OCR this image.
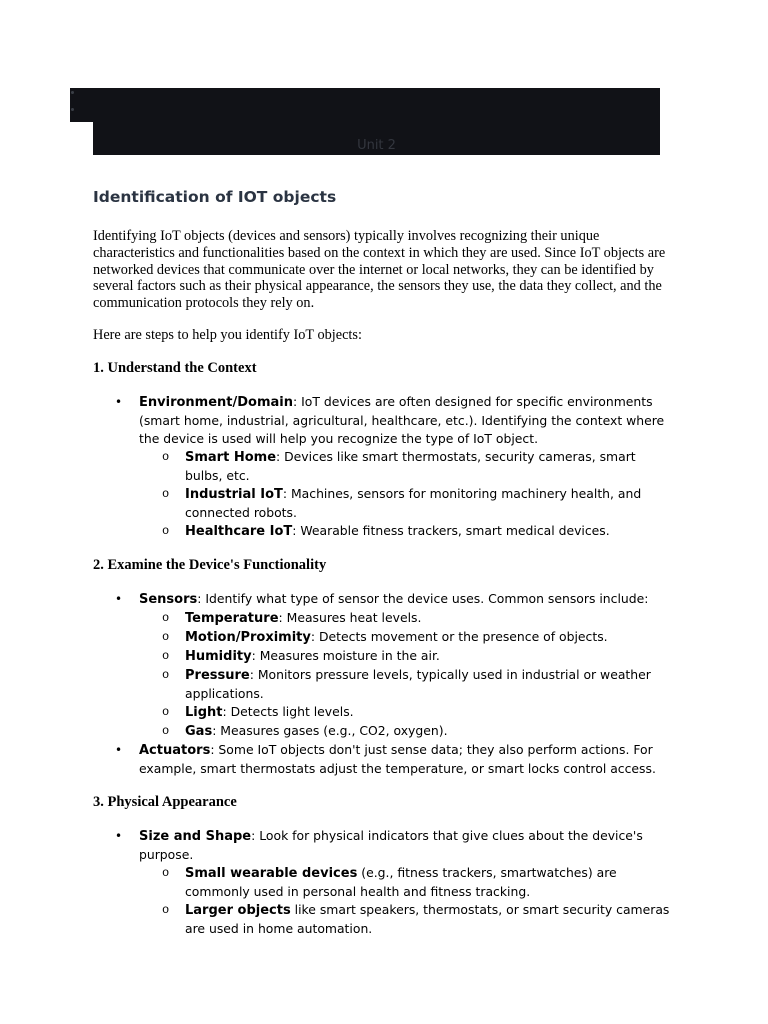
Unit 2
Identification of IOT objects

Identifying IoT objects (devices and sensors) typically involves recognizing their unique characteristics and functionalities based on the context in which they are used. Since IoT objects are networked devices that communicate over the internet or local networks, they can be identified by several factors such as their physical appearance, the sensors they use, the data they collect, and the communication protocols they rely on.

Here are steps to help you identify IoT objects:

1. Understand the Context
• Environment/Domain: IoT devices are often designed for specific environments (smart home, industrial, agricultural, healthcare, etc.). Identifying the context where the device is used will help you recognize the type of IoT object.
o Smart Home: Devices like smart thermostats, security cameras, smart bulbs, etc.
o Industrial IoT: Machines, sensors for monitoring machinery health, and connected robots.
o Healthcare IoT: Wearable fitness trackers, smart medical devices.
2. Examine the Device's Functionality
• Sensors: Identify what type of sensor the device uses. Common sensors include:
o Temperature: Measures heat levels.
o Motion/Proximity: Detects movement or the presence of objects.
o Humidity: Measures moisture in the air.
o Pressure: Monitors pressure levels, typically used in industrial or weather applications.
o Light: Detects light levels.
o Gas: Measures gases (e.g., CO2, oxygen).
• Actuators: Some IoT objects don't just sense data; they also perform actions. For example, smart thermostats adjust the temperature, or smart locks control access.
3. Physical Appearance
• Size and Shape: Look for physical indicators that give clues about the device's purpose.
o Small wearable devices (e.g., fitness trackers, smartwatches) are commonly used in personal health and fitness tracking.
o Larger objects like smart speakers, thermostats, or smart security cameras are used in home automation.
